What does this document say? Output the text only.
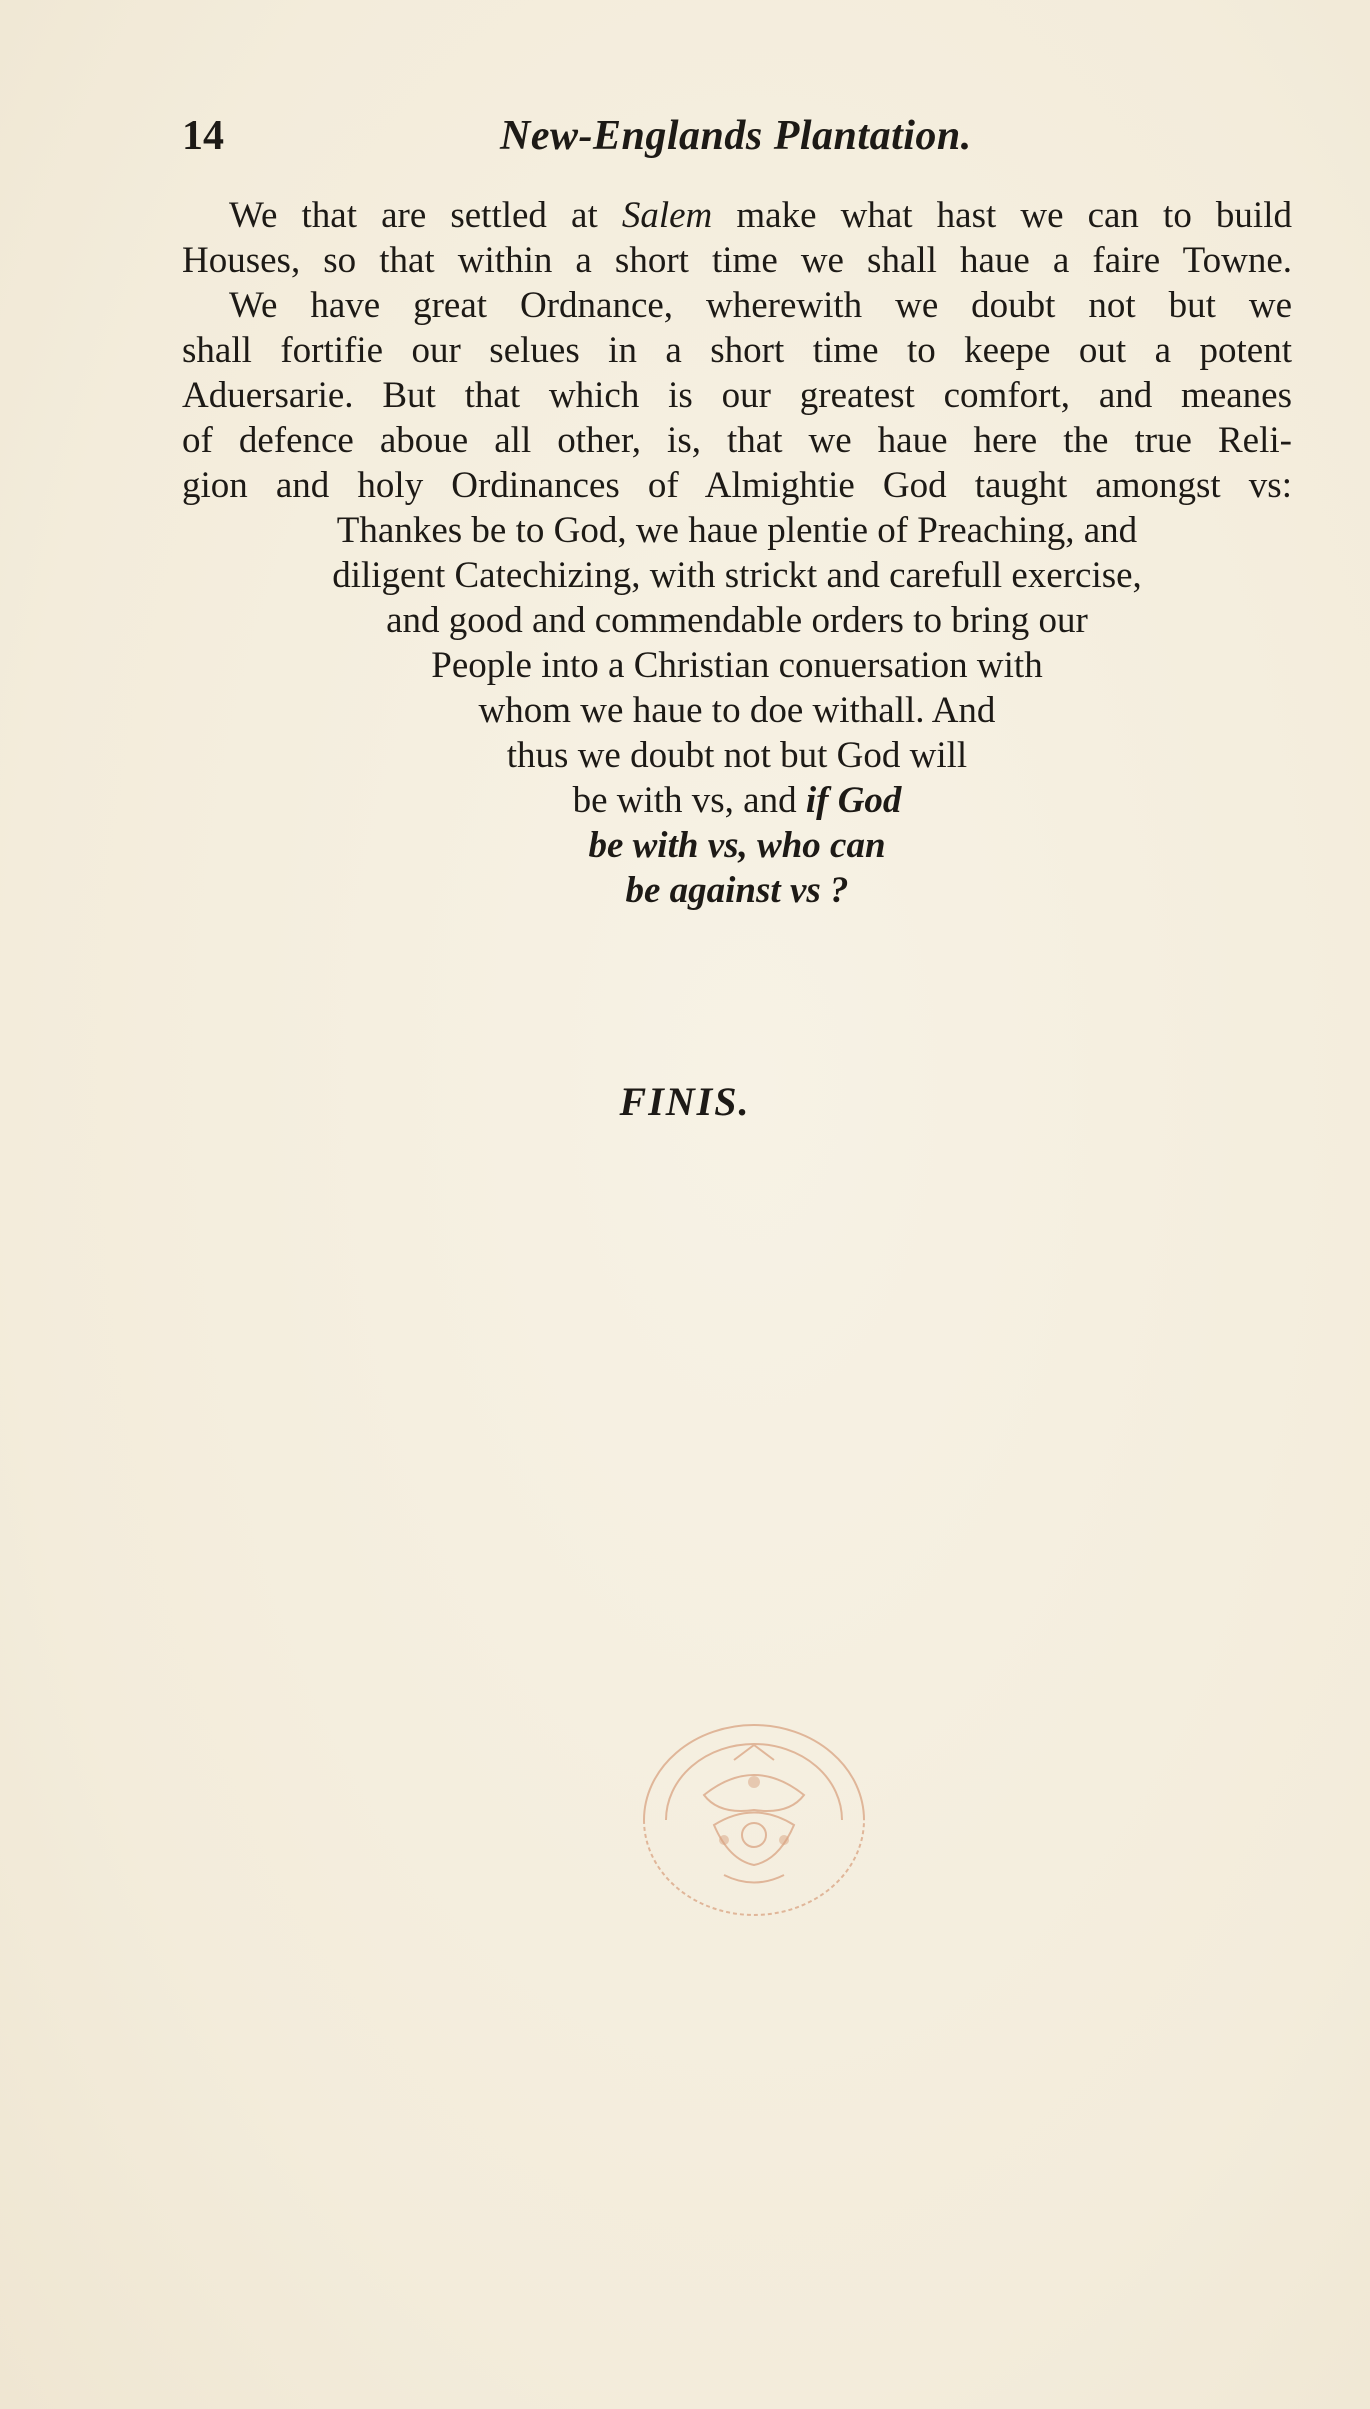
14	New-Englands Plantation.
We that are settled at Salem make what hast we can to build
Houses, so that within a short time we shall haue a faire Towne.
We have great Ordnance, wherewith we doubt not but we
shall fortifie our selues in a short time to keepe out a potent
Aduersarie. But that which is our greatest comfort, and meanes
of defence aboue all other, is, that we haue here the true Reli-
gion and holy Ordinances of Almightie God taught amongst vs:
Thankes be to God, we haue plentie of Preaching, and
diligent Catechizing, with strickt and carefull exercise,
and good and commendable orders to bring our
People into a Christian conuersation with
whom we haue to doe withall. And
thus we doubt not but God will
be with vs, and if God
be with vs, who can
be against vs ?
FINIS.
